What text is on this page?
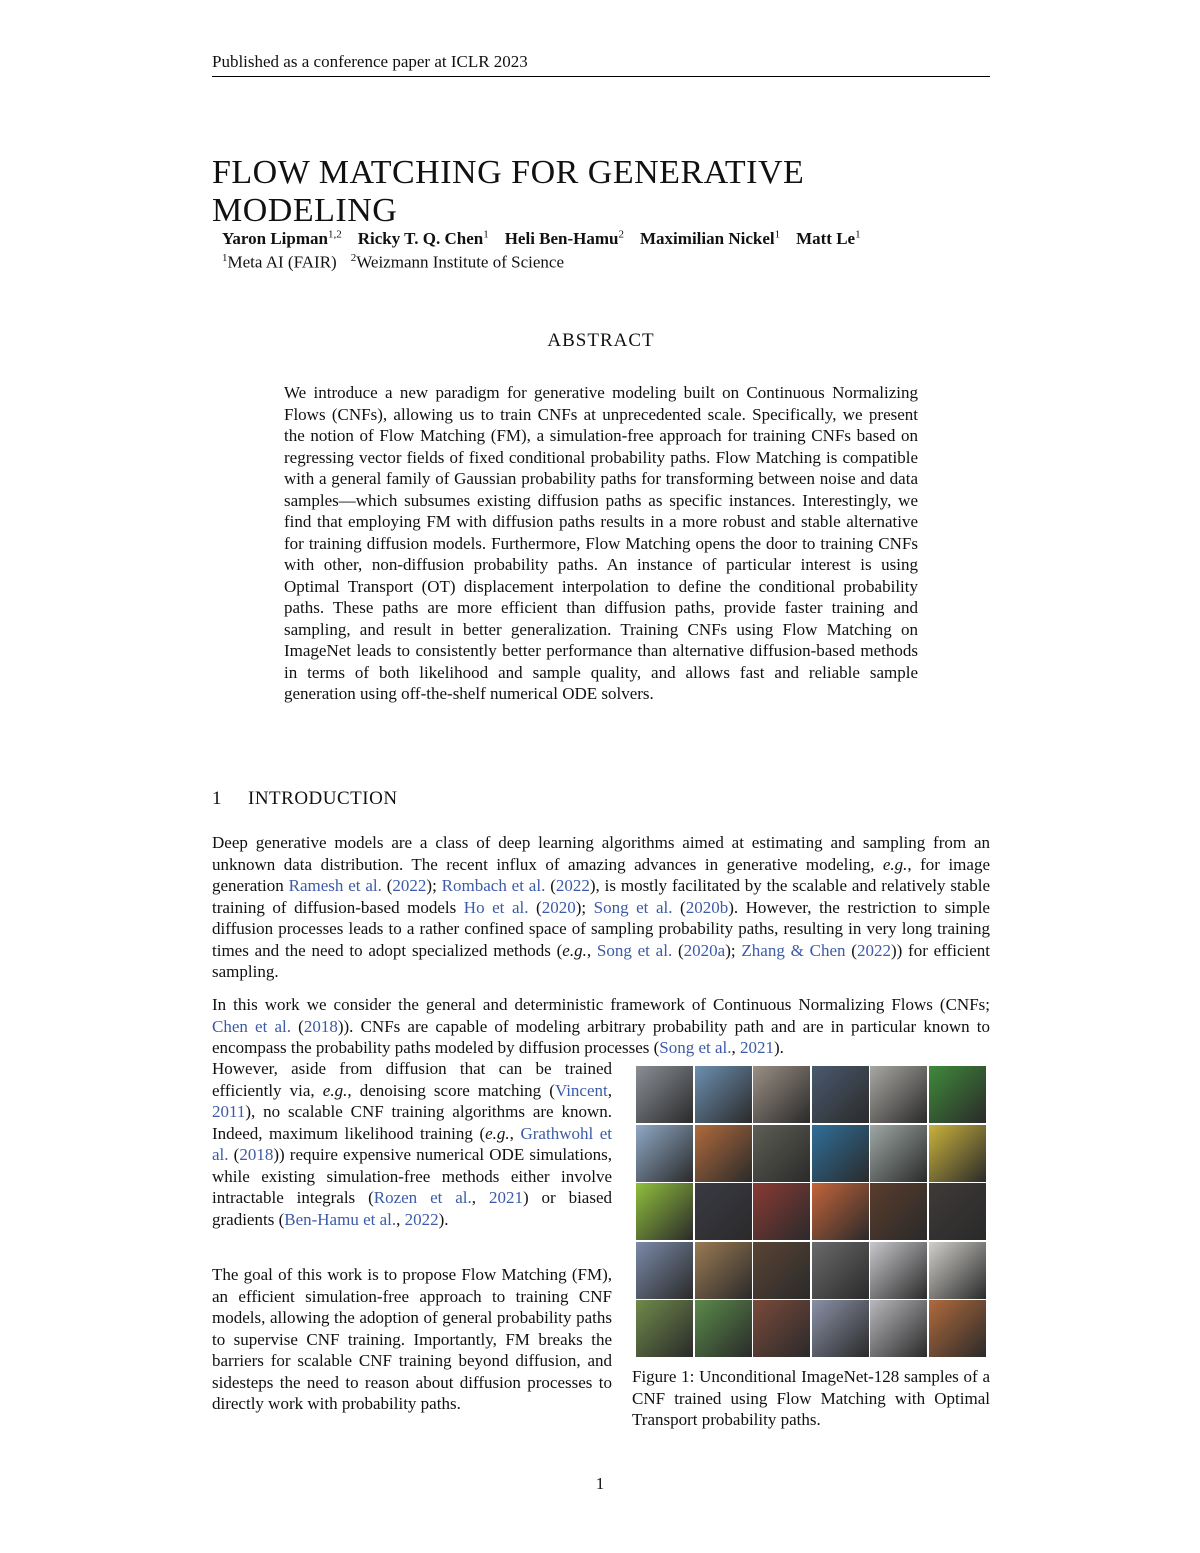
Published as a conference paper at ICLR 2023
FLOW MATCHING FOR GENERATIVE MODELING
Yaron Lipman$^{1,2}$ Ricky T. Q. Chen$^1$ Heli Ben-Hamu$^2$ Maximilian Nickel$^1$ Matt Le$^1$
$^1$Meta AI (FAIR) $^2$Weizmann Institute of Science
ABSTRACT
We introduce a new paradigm for generative modeling built on Continuous Normalizing Flows (CNFs), allowing us to train CNFs at unprecedented scale. Specifically, we present the notion of Flow Matching (FM), a simulation-free approach for training CNFs based on regressing vector fields of fixed conditional probability paths. Flow Matching is compatible with a general family of Gaussian probability paths for transforming between noise and data samples—which subsumes existing diffusion paths as specific instances. Interestingly, we find that employing FM with diffusion paths results in a more robust and stable alternative for training diffusion models. Furthermore, Flow Matching opens the door to training CNFs with other, non-diffusion probability paths. An instance of particular interest is using Optimal Transport (OT) displacement interpolation to define the conditional probability paths. These paths are more efficient than diffusion paths, provide faster training and sampling, and result in better generalization. Training CNFs using Flow Matching on ImageNet leads to consistently better performance than alternative diffusion-based methods in terms of both likelihood and sample quality, and allows fast and reliable sample generation using off-the-shelf numerical ODE solvers.
1 INTRODUCTION
Deep generative models are a class of deep learning algorithms aimed at estimating and sampling from an unknown data distribution. The recent influx of amazing advances in generative modeling, e.g., for image generation Ramesh et al. (2022); Rombach et al. (2022), is mostly facilitated by the scalable and relatively stable training of diffusion-based models Ho et al. (2020); Song et al. (2020b). However, the restriction to simple diffusion processes leads to a rather confined space of sampling probability paths, resulting in very long training times and the need to adopt specialized methods (e.g., Song et al. (2020a); Zhang & Chen (2022)) for efficient sampling.
In this work we consider the general and deterministic framework of Continuous Normalizing Flows (CNFs; Chen et al. (2018)). CNFs are capable of modeling arbitrary probability path and are in particular known to encompass the probability paths modeled by diffusion processes (Song et al., 2021).
However, aside from diffusion that can be trained efficiently via, e.g., denoising score matching (Vincent, 2011), no scalable CNF training algorithms are known. Indeed, maximum likelihood training (e.g., Grathwohl et al. (2018)) require expensive numerical ODE simulations, while existing simulation-free methods either involve intractable integrals (Rozen et al., 2021) or biased gradients (Ben-Hamu et al., 2022).
The goal of this work is to propose Flow Matching (FM), an efficient simulation-free approach to training CNF models, allowing the adoption of general probability paths to supervise CNF training. Importantly, FM breaks the barriers for scalable CNF training beyond diffusion, and sidesteps the need to reason about diffusion processes to directly work with probability paths.
Figure 1: Unconditional ImageNet-128 samples of a CNF trained using Flow Matching with Optimal Transport probability paths.
1
